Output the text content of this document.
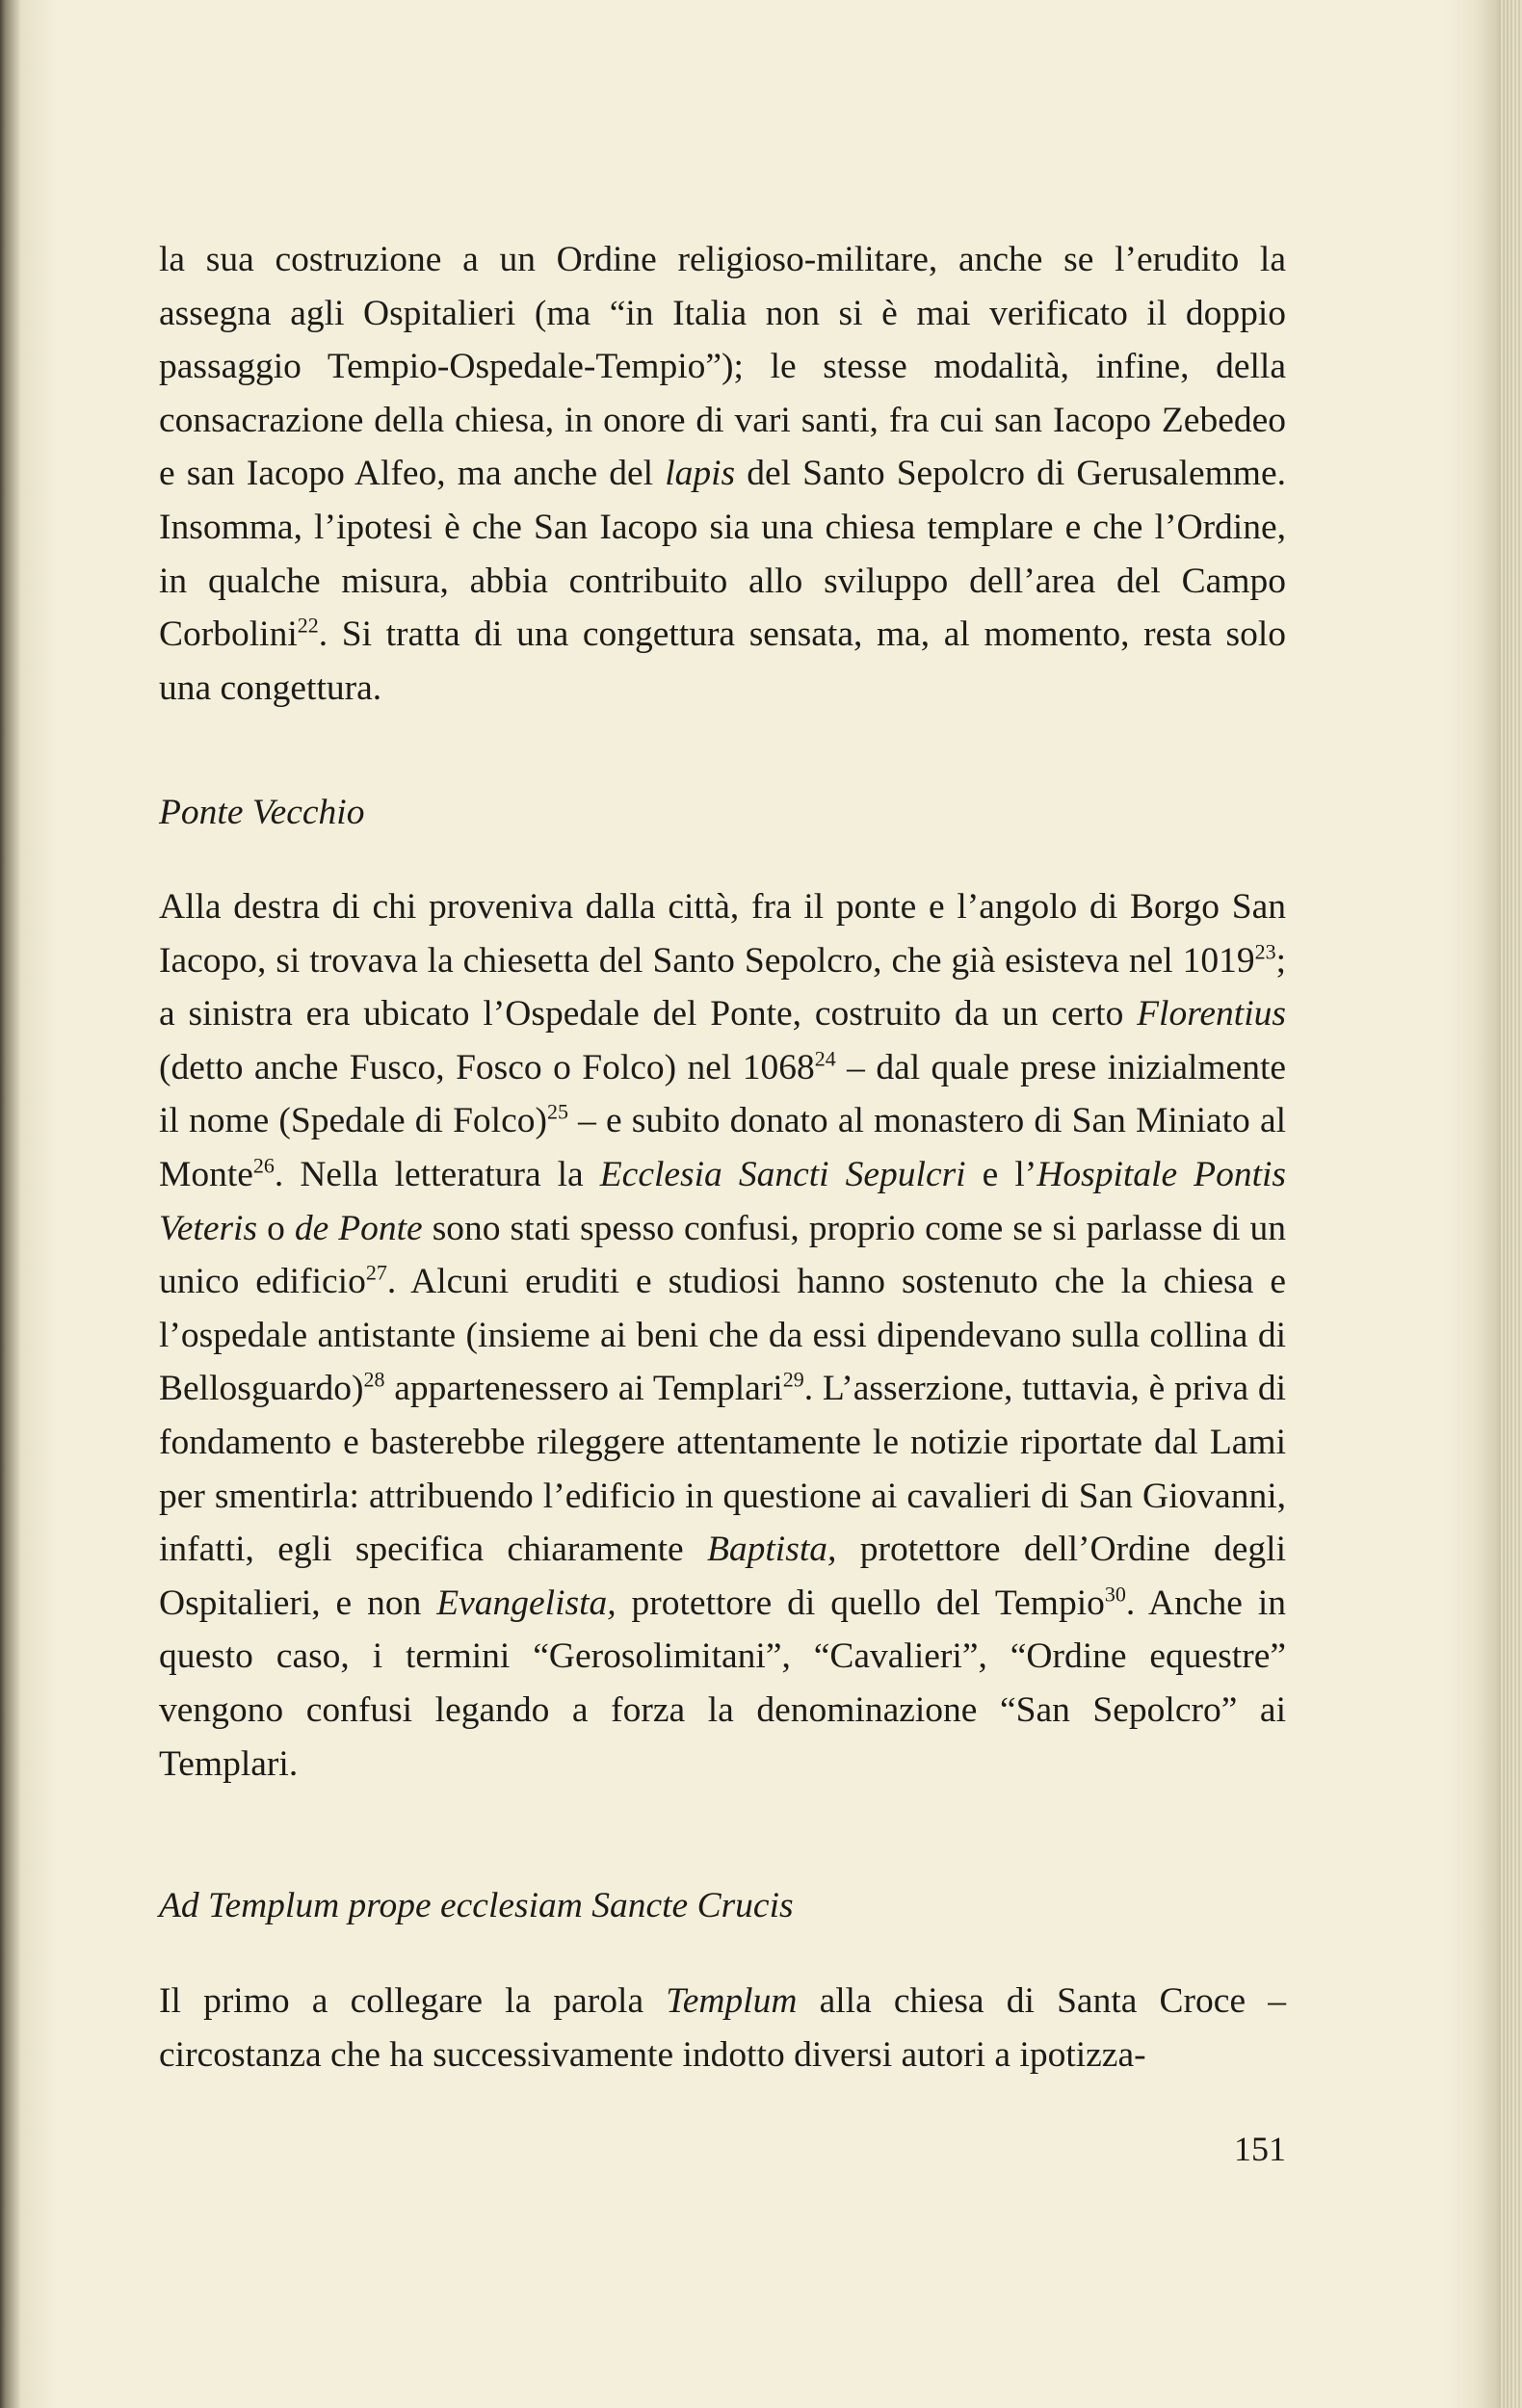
la sua costruzione a un Ordine religioso-militare, anche se l’erudito la assegna agli Ospitalieri (ma “in Italia non si è mai verificato il doppio passaggio Tempio-Ospedale-Tempio”); le stesse modalità, infine, della consacrazione della chiesa, in onore di vari santi, fra cui san Iacopo Zebedeo e san Iacopo Alfeo, ma anche del lapis del Santo Sepolcro di Gerusalemme. Insomma, l’ipotesi è che San Iacopo sia una chiesa templare e che l’Ordine, in qualche misura, abbia contribuito allo sviluppo dell’area del Campo Corbolini$^{22}$. Si tratta di una congettura sensata, ma, al momento, resta solo una congettura.

Ponte Vecchio

Alla destra di chi proveniva dalla città, fra il ponte e l’angolo di Borgo San Iacopo, si trovava la chiesetta del Santo Sepolcro, che già esisteva nel 1019$^{23}$; a sinistra era ubicato l’Ospedale del Ponte, costruito da un certo Florentius (detto anche Fusco, Fosco o Folco) nel 1068$^{24}$ – dal quale prese inizialmente il nome (Spedale di Folco)$^{25}$ – e subito donato al monastero di San Miniato al Monte$^{26}$. Nella letteratura la Ecclesia Sancti Sepulcri e l’Hospitale Pontis Veteris o de Ponte sono stati spesso confusi, proprio come se si parlasse di un unico edificio$^{27}$. Alcuni eruditi e studiosi hanno sostenuto che la chiesa e l’ospedale antistante (insieme ai beni che da essi dipendevano sulla collina di Bellosguardo)$^{28}$ appartenessero ai Templari$^{29}$. L’asserzione, tuttavia, è priva di fondamento e basterebbe rileggere attentamente le notizie riportate dal Lami per smentirla: attribuendo l’edificio in questione ai cavalieri di San Giovanni, infatti, egli specifica chiaramente Baptista, protettore dell’Ordine degli Ospitalieri, e non Evangelista, protettore di quello del Tempio$^{30}$. Anche in questo caso, i termini “Gerosolimitani”, “Cavalieri”, “Ordine equestre” vengono confusi legando a forza la denominazione “San Sepolcro” ai Templari.

Ad Templum prope ecclesiam Sancte Crucis

Il primo a collegare la parola Templum alla chiesa di Santa Croce – circostanza che ha successivamente indotto diversi autori a ipotizza-

151
